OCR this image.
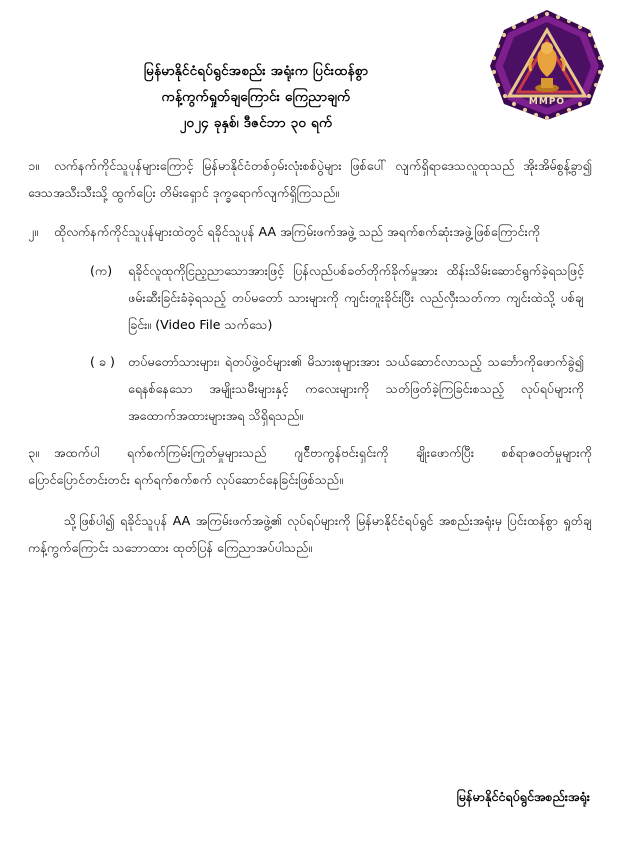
MMPO
မြန်မာနိုင်ငံရပ်ရွင်အစည်း အရုံးက ပြင်းထန်စွာ
ကန့်ကွက်ရှုတ်ချကြောင်း ကြေညာချက်
၂၀၂၄ ခုနှစ်၊ ဒီဇင်ဘာ ၃၀ ရက်
၁။ လက်နက်ကိုင်သူပုန်များကြောင့် မြန်မာနိုင်ငံတစ်ဝှမ်းလုံးစစ်ပွဲများ ဖြစ်ပေါ် လျက်ရှိရာဒေသလူထုသည် အိုးအိမ်စွန့်ခွာ၍ ဒေသအသီးသီးသို့ ထွက်ပြေး တိမ်းရှောင် ဒုက္ခရောက်လျက်ရှိကြသည်။
၂။ ထိုလက်နက်ကိုင်သူပုန်များထဲတွင် ရခိုင်သူပုန် AA အကြမ်းဖက်အဖွဲ့ သည် အရက်စက်ဆုံးအဖွဲ့ဖြစ်ကြောင်းကို
(က)	ရခိုင်လူထုကိုငြည့ညာသောအားဖြင့် ပြန်လည်ပစ်ခတ်တိုက်ခိုက်မှုအား ထိန်းသိမ်းဆောင်ရွက်ခဲ့ရသဖြင့် ဖမ်းဆီးခြင်းခံခဲ့ရသည့် တပ်မတော် သားများကို ကျင်းတူးခိုင်းပြီး လည်လှီးသတ်ကာ ကျင်းထဲသို့ ပစ်ချခြင်း။ (Video File သက်သေ)
( ခ )	တပ်မတော်သားများ၊ ရဲတပ်ဖွဲ့ဝင်များ၏ မိသားစုများအား သယ်ဆောင်လာသည့် သင်္ဘောကိုဖောက်ခွဲ၍ ရေနစ်နေသော အမျိုးသမီးများနှင့် ကလေးများကို သတ်ဖြတ်ခဲ့ကြခြင်းစသည့် လုပ်ရပ်များကို အထောက်အထားများအရ သိရှိရသည်။
၃။ အထက်ပါ ရက်စက်ကြမ်းကြုတ်မှုများသည် ဂျင်ီဗာကွန်ဗင်းရှင်းကို ချိုးဖောက်ပြီး စစ်ရာဇဝတ်မှုများကို ပြောင်ပြောင်တင်းတင်း ရက်ရက်စက်စက် လုပ်ဆောင်နေခြင်းဖြစ်သည်။
သို့ဖြစ်ပါ၍ ရခိုင်သူပုန် AA အကြမ်းဖက်အဖွဲ့၏ လုပ်ရပ်များကို မြန်မာနိုင်ငံရပ်ရွင် အစည်းအရုံးမှ ပြင်းထန်စွာ ရှုတ်ချကန့်ကွက်ကြောင်း သဘောထား ထုတ်ပြန် ကြေညာအပ်ပါသည်။
မြန်မာနိုင်ငံရပ်ရွင်အစည်းအရုံး
